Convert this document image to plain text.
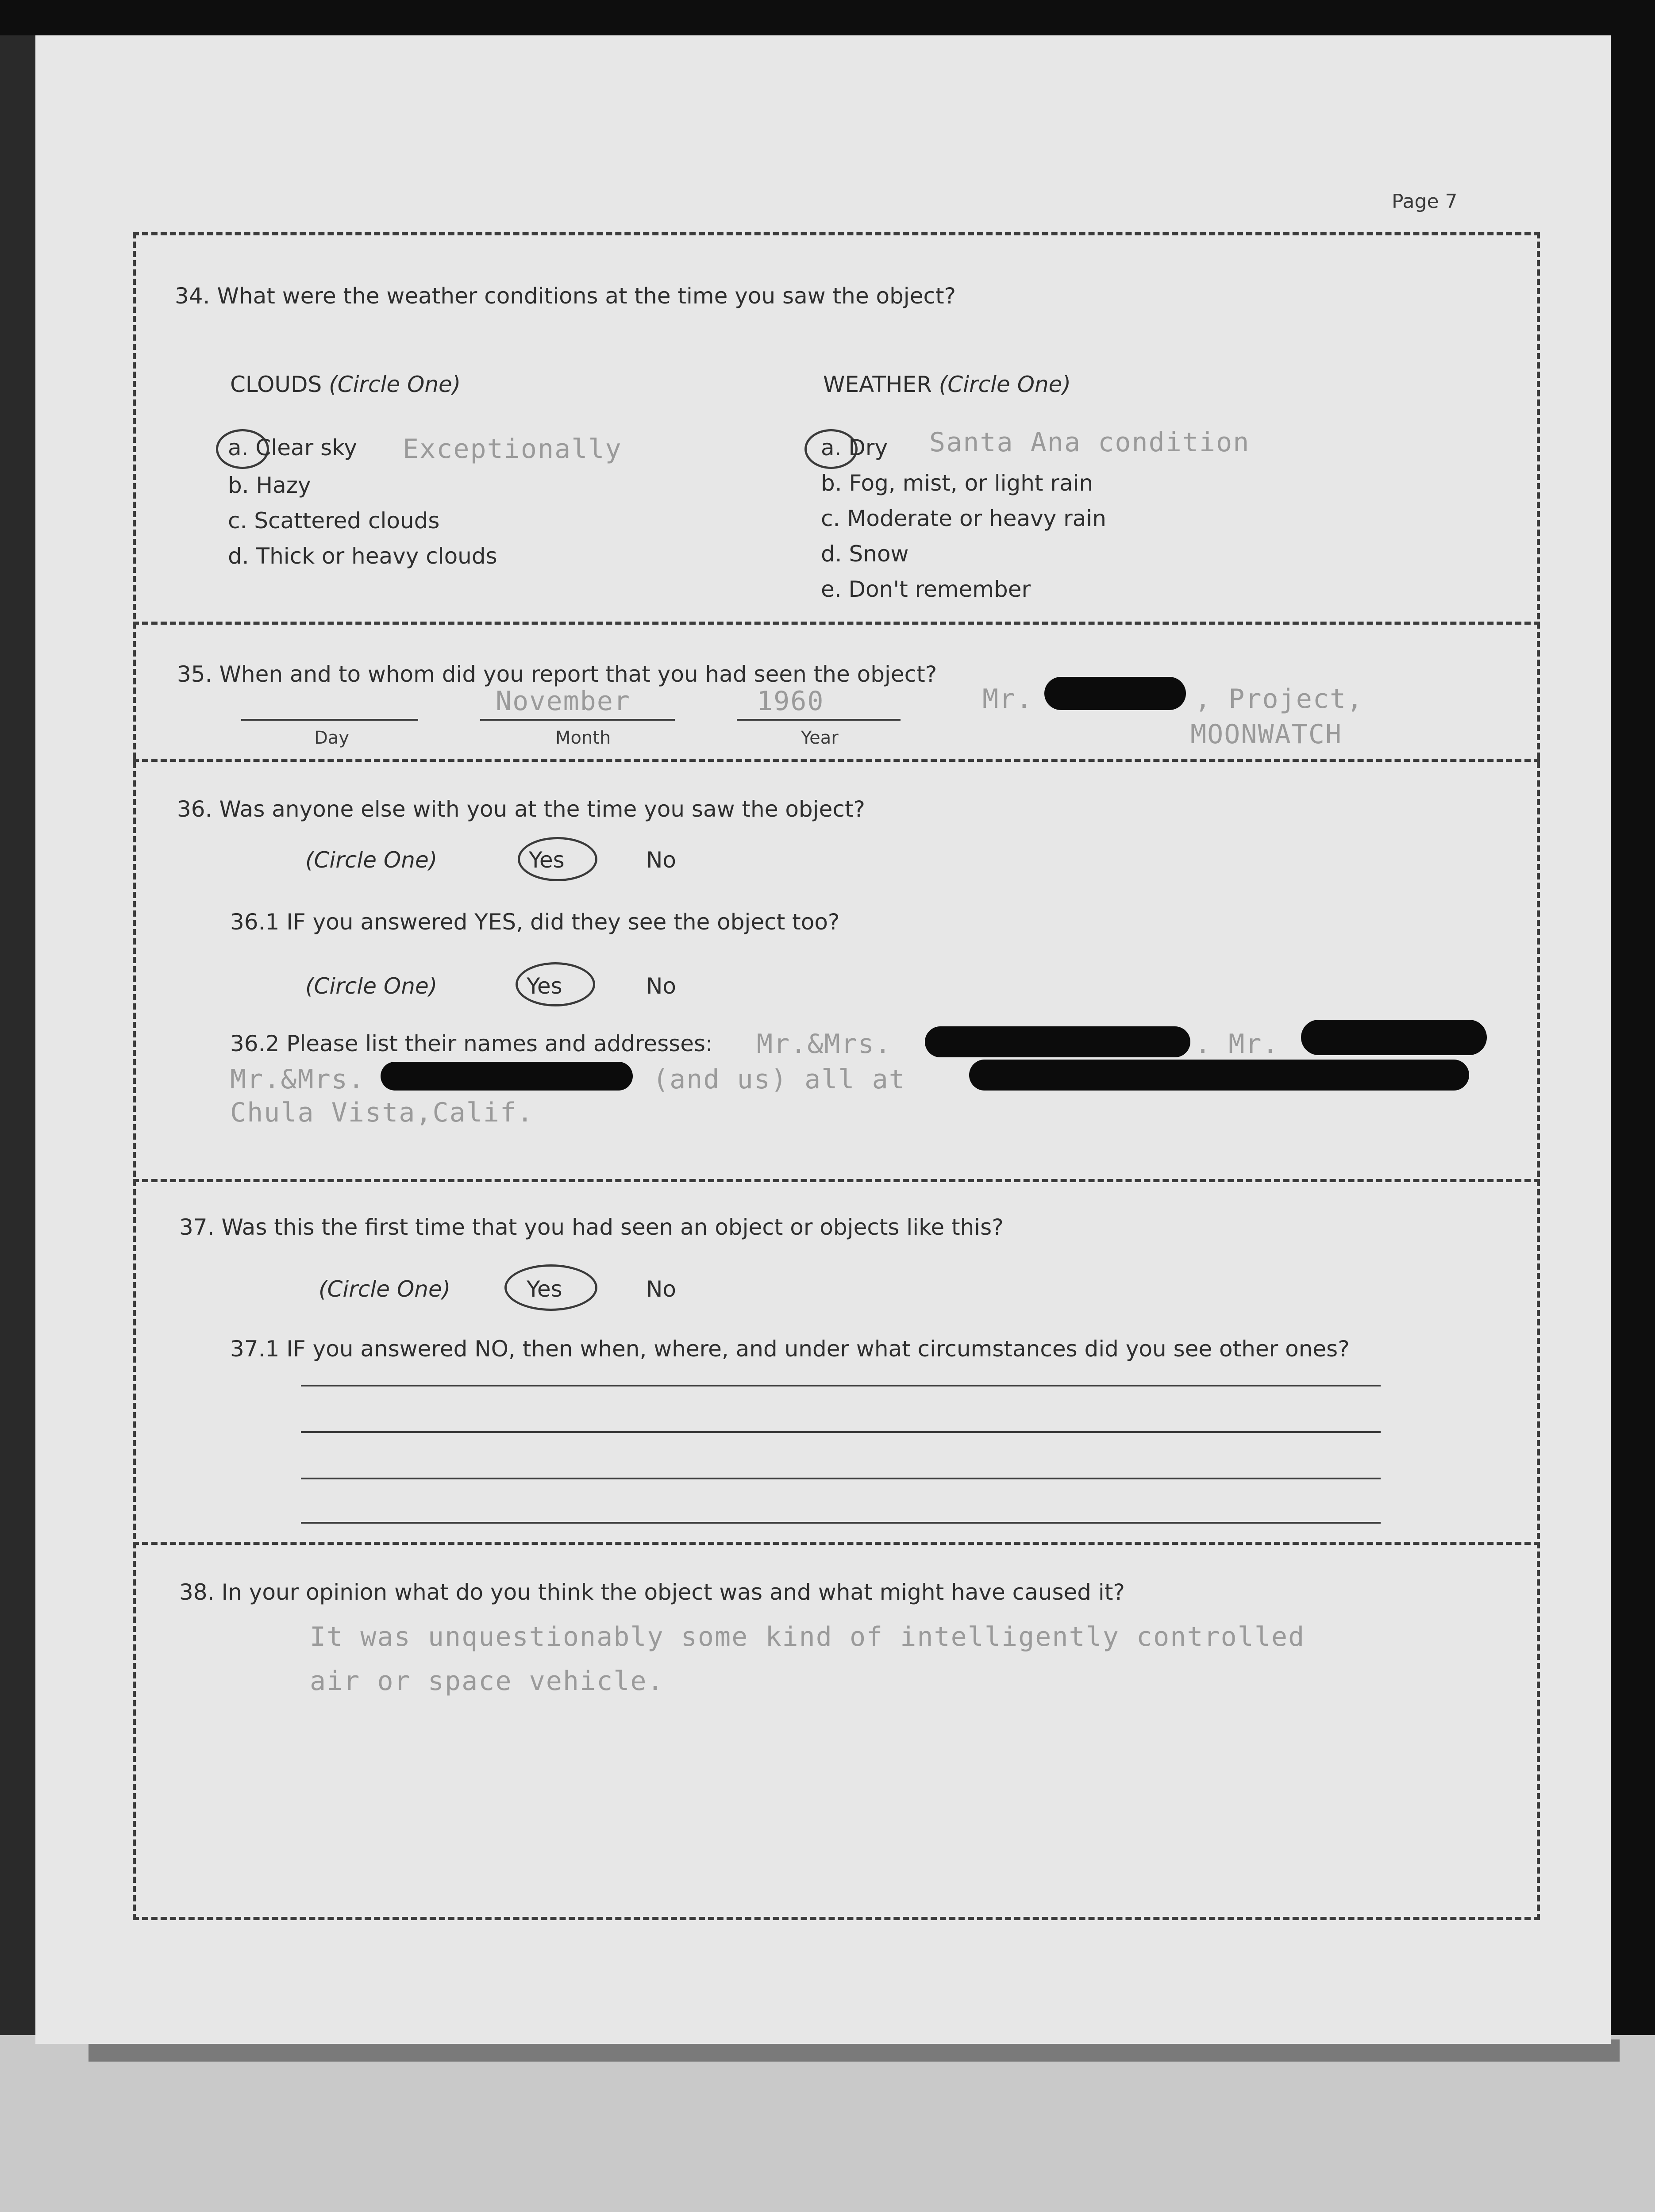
Page 7
34. What were the weather conditions at the time you saw the object?
CLOUDS (Circle One)
a. Clear sky Exceptionally
b. Hazy
c. Scattered clouds
d. Thick or heavy clouds
WEATHER (Circle One)
a. Dry Santa Ana condition
b. Fog, mist, or light rain
c. Moderate or heavy rain
d. Snow
e. Don't remember
35. When and to whom did you report that you had seen the object?
Day
November
Month
1960
Year
Mr.	, Project,
MOONWATCH
36. Was anyone else with you at the time you saw the object?
(Circle One)	Yes	No
36.1 IF you answered YES, did they see the object too?
(Circle One)	Yes	No
36.2 Please list their names and addresses: Mr.&Mrs.	. Mr.
Mr.&Mrs.	(and us) all at
Chula Vista,Calif.
37. Was this the first time that you had seen an object or objects like this?
(Circle One)	Yes	No
37.1 IF you answered NO, then when, where, and under what circumstances did you see other ones?
38. In your opinion what do you think the object was and what might have caused it?
It was unquestionably some kind of intelligently controlled
air or space vehicle.
